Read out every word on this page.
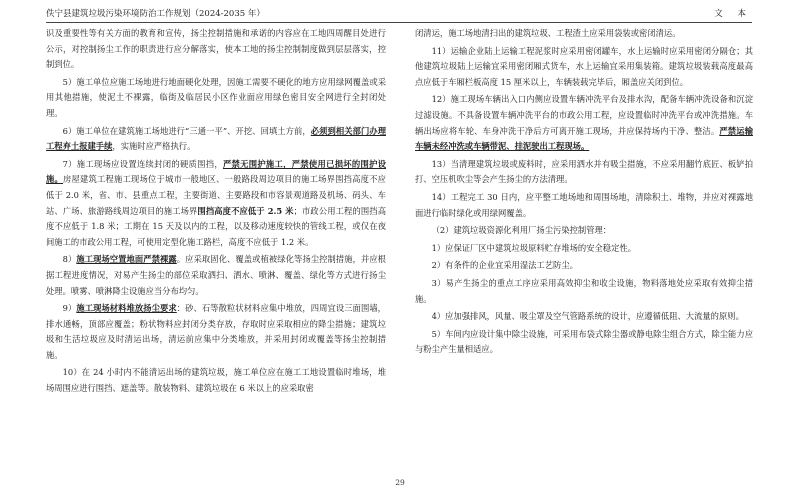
佚宁县建筑垃圾污染环境防治工作规划（2024-2035 年）	文 本

识及重要性等有关方面的教育和宣传，扬尘控制措施和承诺的内容应在工地四周醒目处进行公示，对控制扬尘工作的职责进行应分解落实，使本工地的扬尘控制制度做到层层落实，控制到位。

5）施工单位应施工场地进行地面硬化处理，因施工需要不硬化的地方应用绿网覆盖或采用其他措施，使泥土不裸露，临街及临居民小区作业面应用绿色密目安全网进行全封闭处理。

6）施工单位在建筑施工场地进行“三通一平”、开挖、回填土方前，必须到相关部门办理工程弃土报建手续，实施时应严格执行。

7）施工现场应设置连续封闭的硬质围挡，严禁无围护施工，严禁使用已损坏的围护设施。房屋建筑工程施工现场位于城市一般地区、一般路段周边项目的施工场界围挡高度不应低于 2.0 米，省、市、县重点工程，主要街道、主要路段和市容景观道路及机场、码头、车站、广场、旅游路线周边项目的施工场界围挡高度不应低于 2.5 米；市政公用工程的围挡高度不应低于 1.8 米；工期在 15 天及以内的工程，以及移动速度较快的管线工程，或仅在夜间施工的市政公用工程，可使用定型化施工路栏，高度不应低于 1.2 米。

8）施工现场空置地面严禁裸露。应采取固化、覆盖或植被绿化等扬尘控制措施，并应根据工程进度情况，对易产生扬尘的部位采取洒扫、洒水、喷淋、覆盖、绿化等方式进行扬尘处理。喷雾、喷淋降尘设施应当分布均匀。

9）施工现场材料堆放扬尘要求：砂、石等散粒状材料应集中堆放，四周宜设三面围墙，排水通畅，顶部应覆盖；粉状物料应封闭分类存放，存取时应采取相应的降尘措施；建筑垃圾和生活垃圾应及时清运出场，清运前应集中分类堆放，并采用封闭或覆盖等扬尘控制措施。

10）在 24 小时内不能清运出场的建筑垃圾，施工单位应在施工工地设置临时堆场，堆场周围应进行围挡、遮盖等。散装物料、建筑垃圾在 6 米以上的应采取密

闭清运，施工场地清扫出的建筑垃圾、工程渣土应采用袋装或密闭清运。

11）运输企业陆上运输工程泥浆时应采用密闭罐车，水上运输时应采用密闭分隔仓；其他建筑垃圾陆上运输宜采用密闭厢式货车，水上运输宜采用集装箱。建筑垃圾装载高度最高点应低于车厢栏板高度 15 厘米以上，车辆装载完毕后，厢盖应关闭到位。

12）施工现场车辆出入口内侧应设置车辆冲洗平台及排水沟，配备车辆冲洗设备和沉淀过滤设施。不具备设置车辆冲洗平台的市政公用工程，应设置临时冲洗平台或冲洗措施。车辆出场应将车轮、车身冲洗干净后方可离开施工现场，并应保持场内干净、整洁。严禁运输车辆未经冲洗或车辆带泥、挂泥驶出工程现场。

13）当清理建筑垃圾或废料时，应采用洒水并有吸尘措施，不应采用翻竹底匠、板铲拍打、空压机吹尘等会产生扬尘的方法清理。

14）工程完工 30 日内，应平整工地场地和周围场地，清除积土、堆物，并应对裸露地面进行临时绿化或用绿网覆盖。

（2）建筑垃圾资源化利用厂扬尘污染控制管理：

1）应保证厂区中建筑垃圾原料贮存堆场的安全稳定性。

2）有条件的企业宜采用湿法工艺防尘。

3）易产生扬尘的重点工序应采用高效抑尘和收尘设施，物料落地处应采取有效抑尘措施。

4）应加强排风，风量、吸尘罩及空气管路系统的设计，应遵循低阻、大流量的原则。

5）车间内应设计集中除尘设施，可采用布袋式除尘器或静电除尘组合方式，除尘能力应与粉尘产生量相适应。

29
